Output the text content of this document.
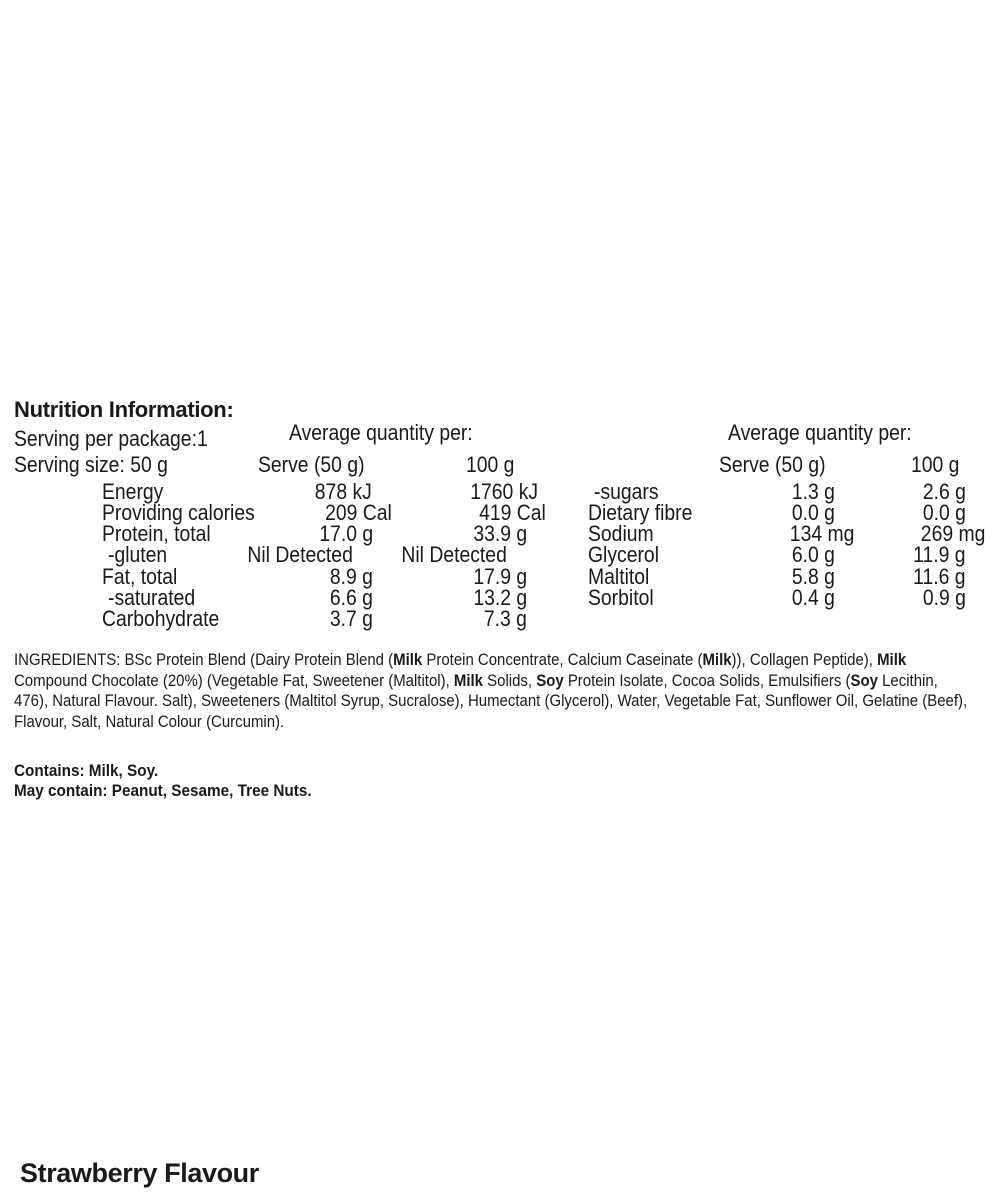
Nutrition Information:
Serving per package:1
Serving size: 50 g
Average quantity per:
Serve (50 g)	100 g
Average quantity per:
Serve (50 g)	100 g
Energy	878 kJ	1760 kJ
Providing calories	209 Cal	419 Cal
Protein, total	17.0 g	33.9 g
-gluten	Nil Detected Nil Detected
Fat, total	8.9 g	17.9 g
-saturated	6.6 g	13.2 g
Carbohydrate	3.7 g	7.3 g
-sugars	1.3 g	2.6 g
Dietary fibre	0.0 g	0.0 g
Sodium	134 mg	269 mg
Glycerol	6.0 g	11.9 g
Maltitol	5.8 g	11.6 g
Sorbitol	0.4 g	0.9 g
INGREDIENTS: BSc Protein Blend (Dairy Protein Blend (Milk Protein Concentrate, Calcium Caseinate (Milk)), Collagen Peptide), Milk Compound Chocolate (20%) (Vegetable Fat, Sweetener (Maltitol), Milk Solids, Soy Protein Isolate, Cocoa Solids, Emulsifiers (Soy Lecithin, 476), Natural Flavour. Salt), Sweeteners (Maltitol Syrup, Sucralose), Humectant (Glycerol), Water, Vegetable Fat, Sunflower Oil, Gelatine (Beef), Flavour, Salt, Natural Colour (Curcumin).
Contains: Milk, Soy.
May contain: Peanut, Sesame, Tree Nuts.
Strawberry Flavour
